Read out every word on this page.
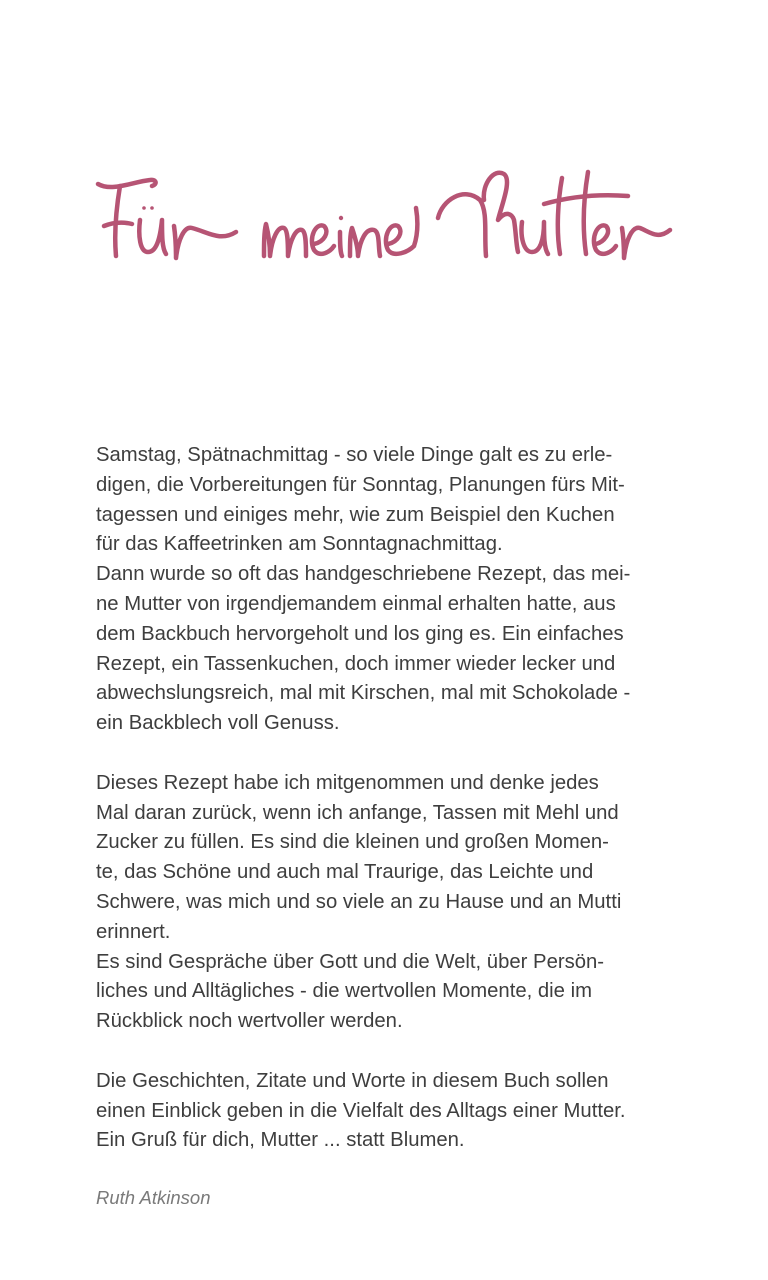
Samstag, Spätnachmittag - so viele Dinge galt es zu erle-
digen, die Vorbereitungen für Sonntag, Planungen fürs Mit-
tagessen und einiges mehr, wie zum Beispiel den Kuchen
für das Kaffeetrinken am Sonntagnachmittag.
Dann wurde so oft das handgeschriebene Rezept, das mei-
ne Mutter von irgendjemandem einmal erhalten hatte, aus
dem Backbuch hervorgeholt und los ging es. Ein einfaches
Rezept, ein Tassenkuchen, doch immer wieder lecker und
abwechslungsreich, mal mit Kirschen, mal mit Schokolade -
ein Backblech voll Genuss.
Dieses Rezept habe ich mitgenommen und denke jedes
Mal daran zurück, wenn ich anfange, Tassen mit Mehl und
Zucker zu füllen. Es sind die kleinen und großen Momen-
te, das Schöne und auch mal Traurige, das Leichte und
Schwere, was mich und so viele an zu Hause und an Mutti
erinnert.
Es sind Gespräche über Gott und die Welt, über Persön-
liches und Alltägliches - die wertvollen Momente, die im
Rückblick noch wertvoller werden.
Die Geschichten, Zitate und Worte in diesem Buch sollen
einen Einblick geben in die Vielfalt des Alltags einer Mutter.
Ein Gruß für dich, Mutter ... statt Blumen.
Ruth Atkinson
